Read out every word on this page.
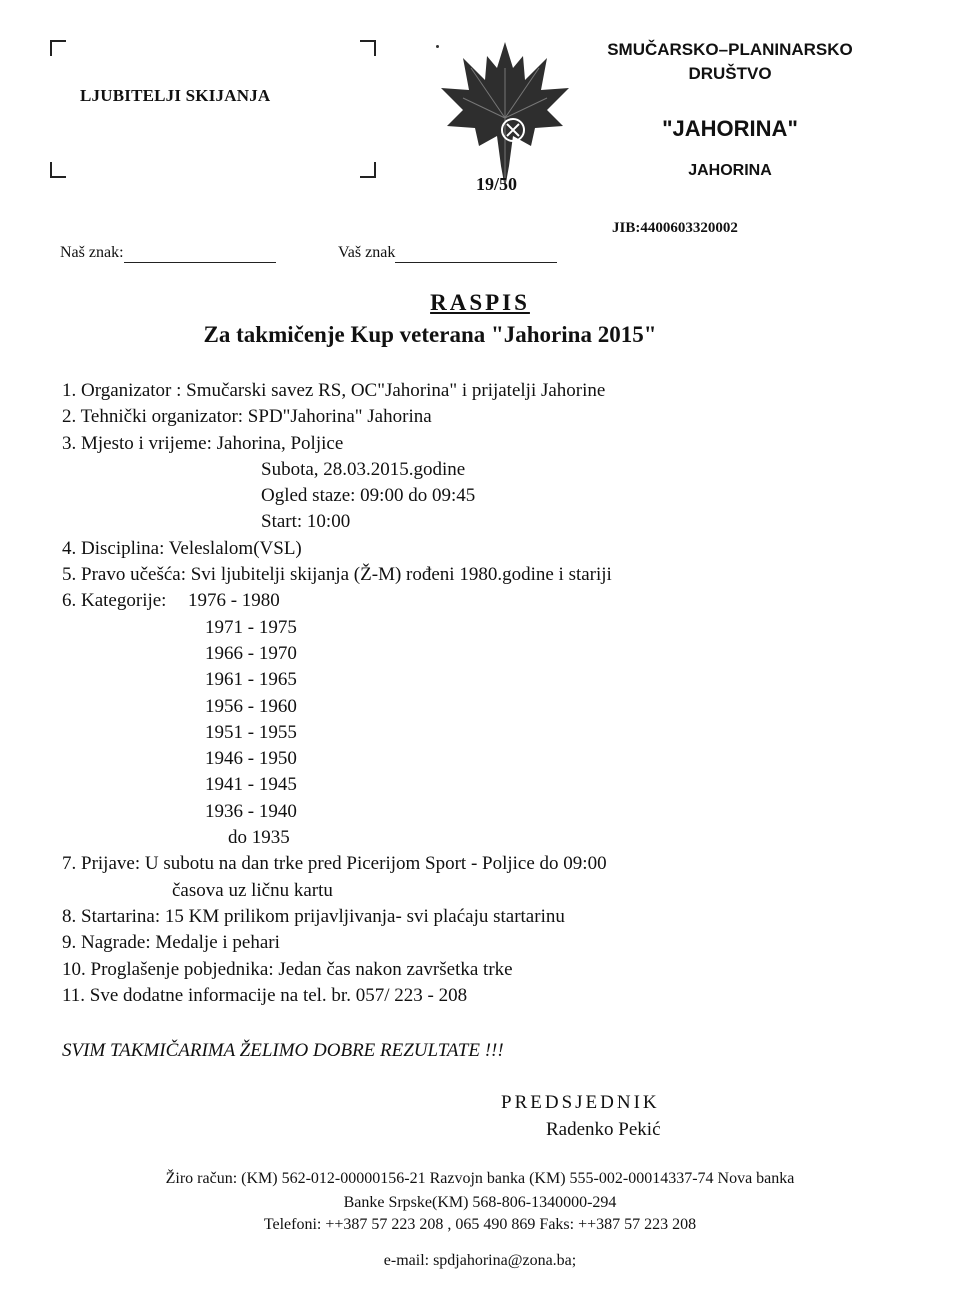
LJUBITELJI SKIJANJA
19/50
SMUČARSKO–PLANINARSKO
DRUŠTVO
"JAHORINA"
JAHORINA
JIB:4400603320002
Naš znak:	Vaš znak
RASPIS
Za takmičenje Kup veterana "Jahorina 2015"
1. Organizator : Smučarski savez RS, OC"Jahorina" i prijatelji Jahorine
2. Tehnički organizator: SPD"Jahorina" Jahorina
3. Mjesto i vrijeme: Jahorina, Poljice
Subota, 28.03.2015.godine
Ogled staze: 09:00 do 09:45
Start: 10:00
4. Disciplina: Veleslalom(VSL)
5. Pravo učešća: Svi ljubitelji skijanja (Ž-M) rođeni 1980.godine i stariji
6. Kategorije: 1976 - 1980
1971 - 1975
1966 - 1970
1961 - 1965
1956 - 1960
1951 - 1955
1946 - 1950
1941 - 1945
1936 - 1940
do 1935
7. Prijave: U subotu na dan trke pred Picerijom Sport - Poljice do 09:00
časova uz ličnu kartu
8. Startarina: 15 KM prilikom prijavljivanja- svi plaćaju startarinu
9. Nagrade: Medalje i pehari
10. Proglašenje pobjednika: Jedan čas nakon završetka trke
11. Sve dodatne informacije na tel. br. 057/ 223 - 208
SVIM TAKMIČARIMA ŽELIMO DOBRE REZULTATE !!!
PREDSJEDNIK
Radenko Pekić
Žiro račun: (KM) 562-012-00000156-21 Razvojn banka (KM) 555-002-00014337-74 Nova banka
Banke Srpske(KM) 568-806-1340000-294
Telefoni: ++387 57 223 208 , 065 490 869 Faks: ++387 57 223 208
e-mail: spdjahorina@zona.ba;
